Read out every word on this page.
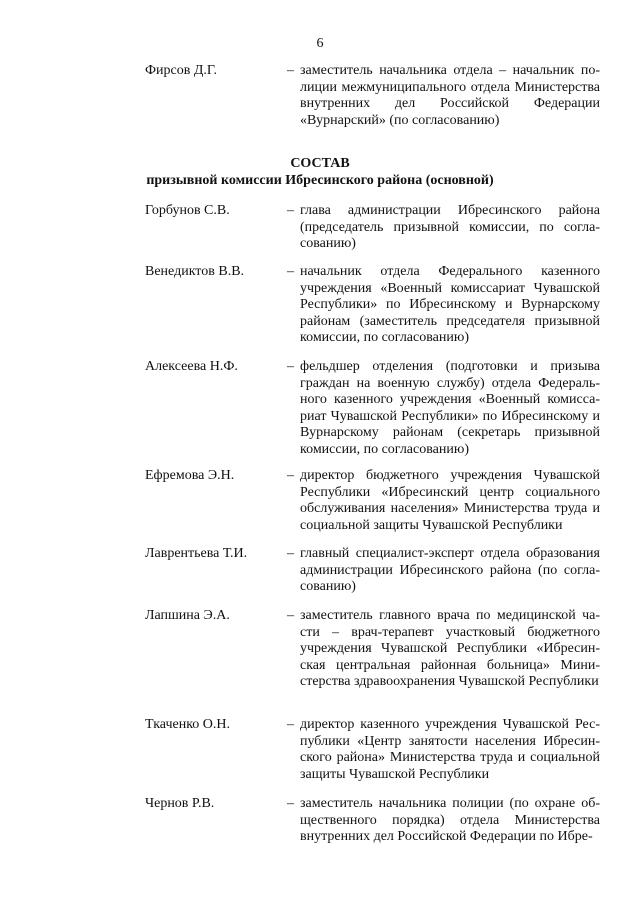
6
Фирсов Д.Г.	– заместитель начальника отдела – начальник полиции межмуниципального отдела Министерства внутренних дел Российской Федерации «Вурнарский» (по согласованию)
СОСТАВ
призывной комиссии Ибресинского района (основной)
Горбунов С.В.	– глава администрации Ибресинского района (председатель призывной комиссии, по согласованию)
Венедиктов В.В.	– начальник отдела Федерального казенного учреждения «Военный комиссариат Чувашской Республики» по Ибресинскому и Вурнарскому районам (заместитель председателя призывной комиссии, по согласованию)
Алексеева Н.Ф.	– фельдшер отделения (подготовки и призыва граждан на военную службу) отдела Федерального казенного учреждения «Военный комиссариат Чувашской Республики» по Ибресинскому и Вурнарскому районам (секретарь призывной комиссии, по согласованию)
Ефремова Э.Н.	– директор бюджетного учреждения Чувашской Республики «Ибресинский центр социального обслуживания населения» Министерства труда и социальной защиты Чувашской Республики
Лаврентьева Т.И.	– главный специалист-эксперт отдела образования администрации Ибресинского района (по согласованию)
Лапшина Э.А.	– заместитель главного врача по медицинской части – врач-терапевт участковый бюджетного учреждения Чувашской Республики «Ибресинская центральная районная больница» Министерства здравоохранения Чувашской Республики
Ткаченко О.Н.	– директор казенного учреждения Чувашской Республики «Центр занятости населения Ибресинского района» Министерства труда и социальной защиты Чувашской Республики
Чернов Р.В.	– заместитель начальника полиции (по охране общественного порядка) отдела Министерства внутренних дел Российской Федерации по Ибре-
